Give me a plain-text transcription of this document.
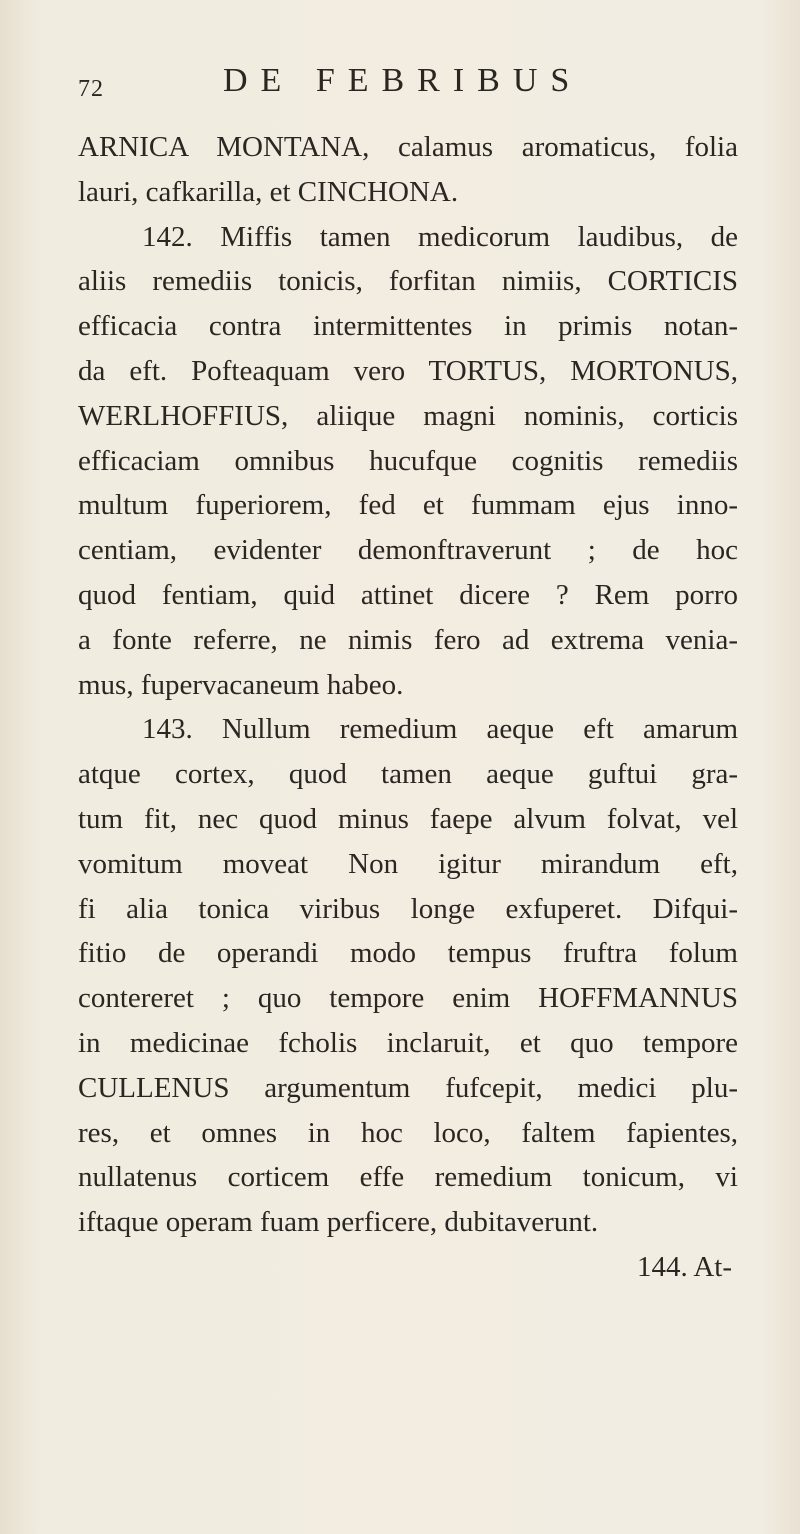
72	DE FEBRIBUS
ARNICA MONTANA, calamus aromaticus, folia
lauri, cafkarilla, et CINCHONA.
142. Miffis tamen medicorum laudibus, de
aliis remediis tonicis, forfitan nimiis, CORTICIS
efficacia contra intermittentes in primis notan-
da eft. Pofteaquam vero TORTUS, MORTONUS,
WERLHOFFIUS, aliique magni nominis, corticis
efficaciam omnibus hucufque cognitis remediis
multum fuperiorem, fed et fummam ejus inno-
centiam, evidenter demonftraverunt ; de hoc
quod fentiam, quid attinet dicere ? Rem porro
a fonte referre, ne nimis fero ad extrema venia-
mus, fupervacaneum habeo.
143. Nullum remedium aeque eft amarum
atque cortex, quod tamen aeque guftui gra-
tum fit, nec quod minus faepe alvum folvat, vel
vomitum moveat Non igitur mirandum eft,
fi alia tonica viribus longe exfuperet. Difqui-
fitio de operandi modo tempus fruftra folum
contereret ; quo tempore enim HOFFMANNUS
in medicinae fcholis inclaruit, et quo tempore
CULLENUS argumentum fufcepit, medici plu-
res, et omnes in hoc loco, faltem fapientes,
nullatenus corticem effe remedium tonicum, vi
iftaque operam fuam perficere, dubitaverunt.
144. At-
